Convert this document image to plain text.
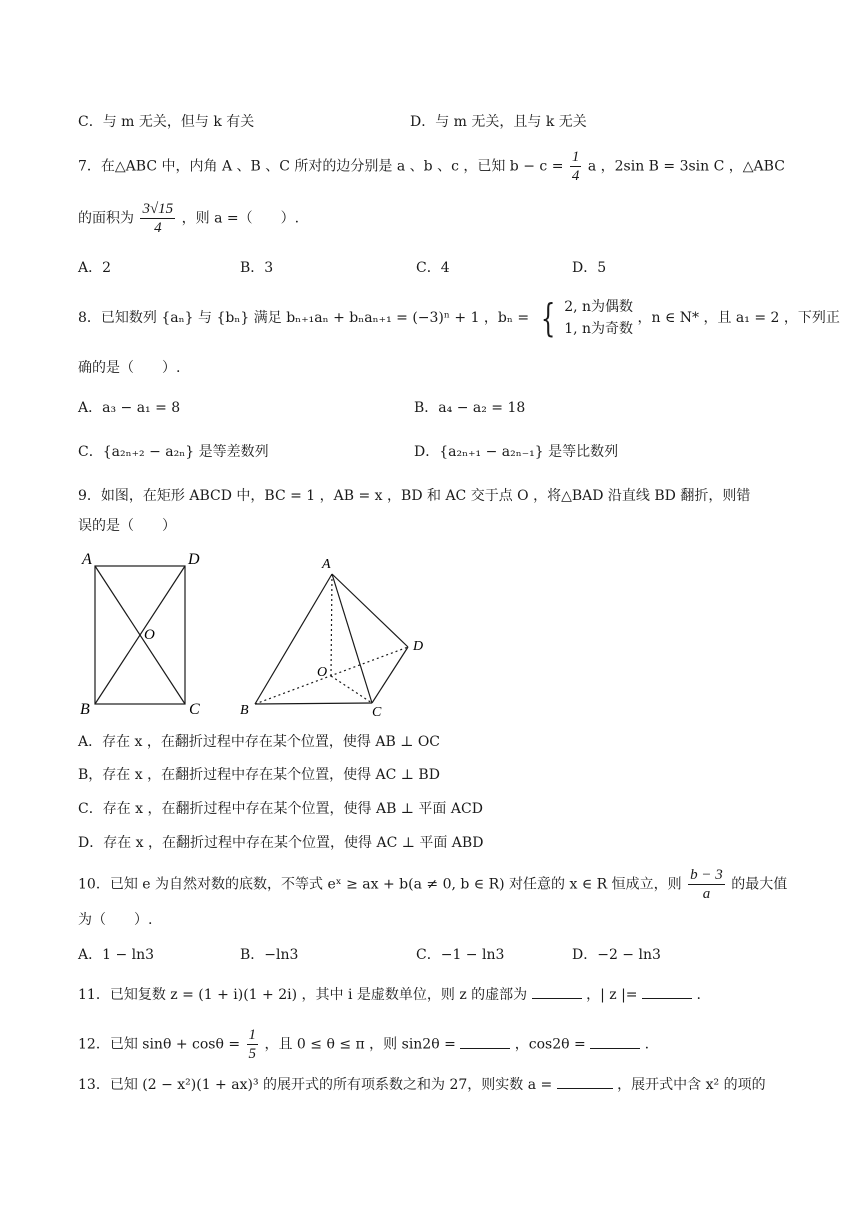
C．与 m 无关，但与 k 有关	D．与 m 无关，且与 k 无关
7．在△ABC 中，内角 A 、B 、C 所对的边分别是 a 、b 、c ，已知 $b - c = \frac{1}{4}$ a ，2sin B = 3sin C ，△ABC
的面积为 $\frac{3√15}{4}$ ，则 a =（　　）.
A．2	B．3	C．4	D．5
8．已知数列 {aₙ} 与 {bₙ} 满足 bₙ₊₁aₙ + bₙaₙ₊₁ = (−3)ⁿ + 1 ，bₙ = { 2, n为偶数
1, n为奇数
，n ∈ N* ，且 a₁ = 2 ，下列正
确的是（　　）.
A．a₃ − a₁ = 8	B．a₄ − a₂ = 18
C．{a₂ₙ₊₂ − a₂ₙ} 是等差数列	D．{a₂ₙ₊₁ − a₂ₙ₋₁} 是等比数列
9．如图，在矩形 ABCD 中，BC = 1 ，AB = x ，BD 和 AC 交于点 O ，将△BAD 沿直线 BD 翻折，则错
误的是（　　）
A	D
O
B	C
A
D
O
B	C
A．存在 x ，在翻折过程中存在某个位置，使得 AB ⊥ OC
B，存在 x ，在翻折过程中存在某个位置，使得 AC ⊥ BD
C．存在 x ，在翻折过程中存在某个位置，使得 AB ⊥ 平面 ACD
D．存在 x ，在翻折过程中存在某个位置，使得 AC ⊥ 平面 ABD
10．已知 e 为自然对数的底数，不等式 eˣ ≥ ax + b(a ≠ 0, b ∈ R) 对任意的 x ∈ R 恒成立，则 $\frac{b - 3}{a}$ 的最大值
为（　　）.
A．1 − ln3	B．−ln3	C．−1 − ln3	D．−2 − ln3
11．已知复数 z = (1 + i)(1 + 2i) ，其中 i 是虚数单位，则 z 的虚部为	，| z |=	.
12．已知 $\sin\theta + \cos\theta = \frac{1}{5}$ ，且 0 ≤ θ ≤ π ，则 sin2θ =	，cos2θ =	.
13．已知 (2 − x²)(1 + ax)³ 的展开式的所有项系数之和为 27，则实数 a =	，展开式中含 x² 的项的
